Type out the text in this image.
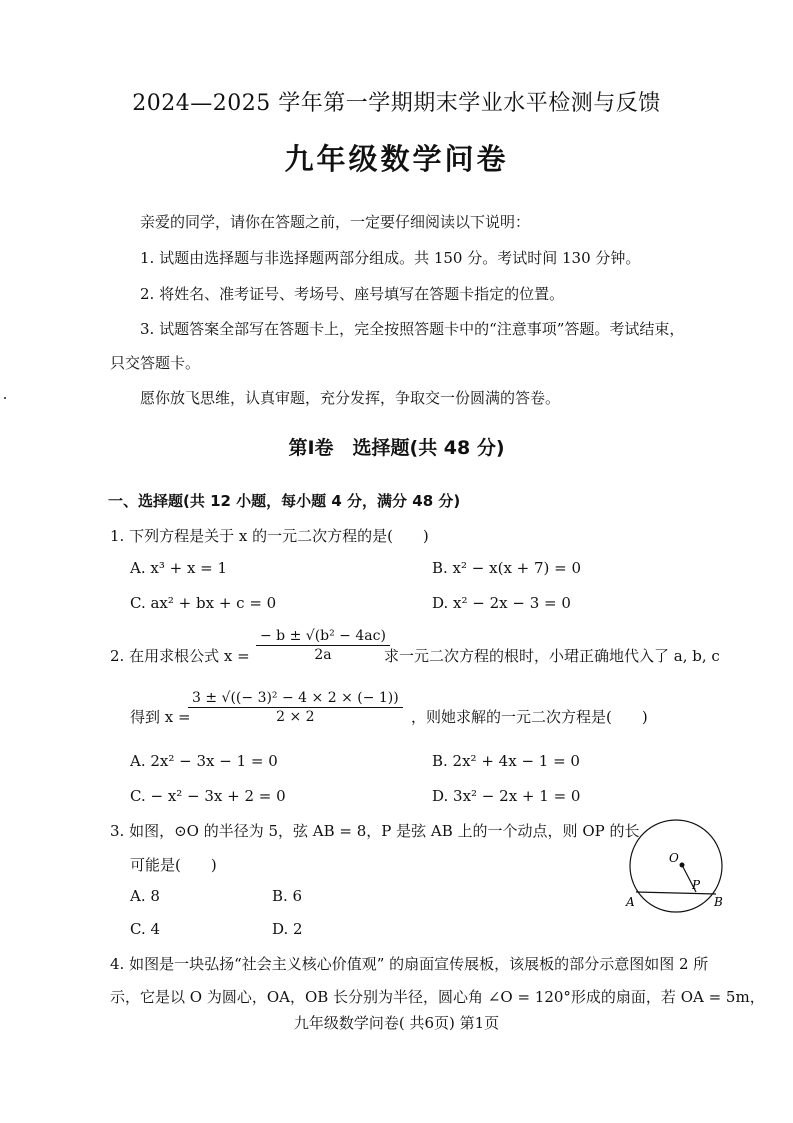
2024—2025 学年第一学期期末学业水平检测与反馈
九年级数学问卷
亲爱的同学，请你在答题之前，一定要仔细阅读以下说明：
1. 试题由选择题与非选择题两部分组成。共 150 分。考试时间 130 分钟。
2. 将姓名、准考证号、考场号、座号填写在答题卡指定的位置。
3. 试题答案全部写在答题卡上，完全按照答题卡中的“注意事项”答题。考试结束，
只交答题卡。
愿你放飞思维，认真审题，充分发挥，争取交一份圆满的答卷。
第Ⅰ卷　选择题(共 48 分)
一、选择题(共 12 小题，每小题 4 分，满分 48 分)
1. 下列方程是关于 x 的一元二次方程的是(　　)
A. x³ + x = 1	B. x² − x(x + 7) = 0
C. ax² + bx + c = 0	D. x² − 2x − 3 = 0
2. 在用求根公式 $x = \frac{\text{− b ± √(b² − 4ac)}}{2a}$
求一元二次方程的根时，小珺正确地代入了 a, b, c
得到 x =
$\frac{\text{3 ± √((− 3)² − 4 × 2 × (− 1))}}{2 \times 2}$ ，则她求解的一元二次方程是(　　)
A. 2x² − 3x − 1 = 0	B. 2x² + 4x − 1 = 0
C. − x² − 3x + 2 = 0	D. 3x² − 2x + 1 = 0
3. 如图，⊙O 的半径为 5，弦 AB = 8，P 是弦 AB 上的一个动点，则 OP 的长
可能是(　　)
A. 8	B. 6
C. 4	D. 2
O
P
A	B
4. 如图是一块弘扬“社会主义核心价值观” 的扇面宣传展板，该展板的部分示意图如图 2 所
示，它是以 O 为圆心，OA，OB 长分别为半径，圆心角 ∠O = 120°形成的扇面，若 OA = 5m，
九年级数学问卷( 共6页) 第1页
